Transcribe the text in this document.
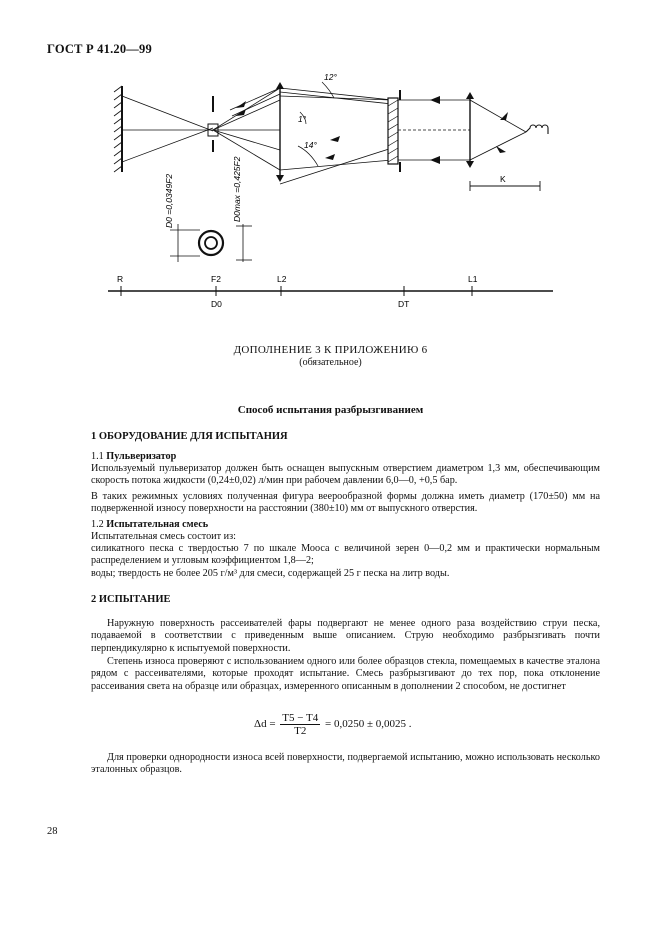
ГОСТ Р 41.20—99
K
12°
1°
14°
D0 =0,0349F2	D0max =0,425F2
R	F2	L2	L1
D0	DT
ДОПОЛНЕНИЕ 3 К ПРИЛОЖЕНИЮ 6
(обязательное)
Способ испытания разбрызгиванием
1 ОБОРУДОВАНИЕ ДЛЯ ИСПЫТАНИЯ
1.1 Пульверизатор
Используемый пульверизатор должен быть оснащен выпускным отверстием диаметром 1,3 мм, обеспечивающим скорость потока жидкости (0,24±0,02) л/мин при рабочем давлении 6,0—0, +0,5 бар.
В таких режимных условиях полученная фигура веерообразной формы должна иметь диаметр (170±50) мм на подверженной износу поверхности на расстоянии (380±10) мм от выпускного отверстия.
1.2 Испытательная смесь
Испытательная смесь состоит из:
силикатного песка с твердостью 7 по шкале Мооса с величиной зерен 0—0,2 мм и практически нормальным распределением и угловым коэффициентом 1,8—2;
воды; твердость не более 205 г/м³ для смеси, содержащей 25 г песка на литр воды.
2 ИСПЫТАНИЕ
Наружную поверхность рассеивателей фары подвергают не менее одного раза воздействию струи песка, подаваемой в соответствии с приведенным выше описанием. Струю необходимо разбрызгивать почти перпендикулярно к испытуемой поверхности.
Степень износа проверяют с использованием одного или более образцов стекла, помещаемых в качестве эталона рядом с рассеивателями, которые проходят испытание. Смесь разбрызгивают до тех пор, пока отклонение рассеивания света на образце или образцах, измеренного описанным в дополнении 2 способом, не достигнет
$\Delta d = \frac{T5 - T4}{T2} = 0,0250 \pm 0,0025$ .
Для проверки однородности износа всей поверхности, подвергаемой испытанию, можно использовать несколько эталонных образцов.
28
